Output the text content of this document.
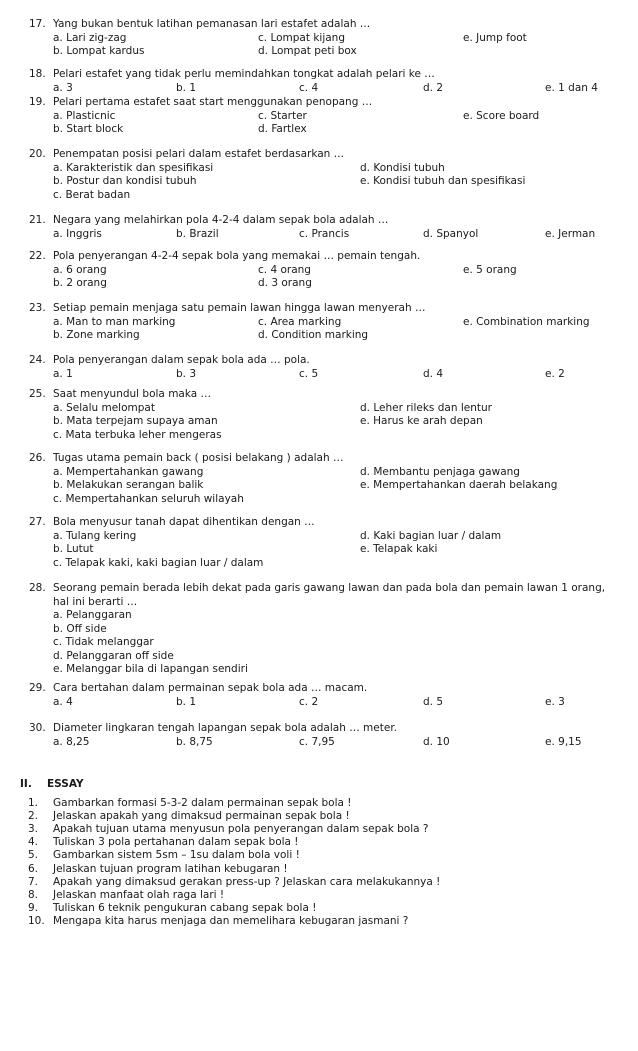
17. Yang bukan bentuk latihan pemanasan lari estafet adalah …
a. Lari zig-zag	c. Lompat kijang	e. Jump foot
b. Lompat kardus	d. Lompat peti box
18. Pelari estafet yang tidak perlu memindahkan tongkat adalah pelari ke …
a. 3	b. 1	c. 4	d. 2	e. 1 dan 4
19. Pelari pertama estafet saat start menggunakan penopang …
a. Plasticnic	c. Starter	e. Score board
b. Start block	d. Fartlex
20. Penempatan posisi pelari dalam estafet berdasarkan …
a. Karakteristik dan spesifikasi	d. Kondisi tubuh
b. Postur dan kondisi tubuh	e. Kondisi tubuh dan spesifikasi
c. Berat badan
21. Negara yang melahirkan pola 4-2-4 dalam sepak bola adalah …
a. Inggris	b. Brazil	c. Prancis	d. Spanyol	e. Jerman
22. Pola penyerangan 4-2-4 sepak bola yang memakai … pemain tengah.
a. 6 orang	c. 4 orang	e. 5 orang
b. 2 orang	d. 3 orang
23. Setiap pemain menjaga satu pemain lawan hingga lawan menyerah …
a. Man to man marking	c. Area marking	e. Combination marking
b. Zone marking	d. Condition marking
24. Pola penyerangan dalam sepak bola ada … pola.
a. 1	b. 3	c. 5	d. 4	e. 2
25. Saat menyundul bola maka …
a. Selalu melompat	d. Leher rileks dan lentur
b. Mata terpejam supaya aman	e. Harus ke arah depan
c. Mata terbuka leher mengeras
26. Tugas utama pemain back ( posisi belakang ) adalah …
a. Mempertahankan gawang	d. Membantu penjaga gawang
b. Melakukan serangan balik	e. Mempertahankan daerah belakang
c. Mempertahankan seluruh wilayah
27. Bola menyusur tanah dapat dihentikan dengan …
a. Tulang kering	d. Kaki bagian luar / dalam
b. Lutut	e. Telapak kaki
c. Telapak kaki, kaki bagian luar / dalam
28. Seorang pemain berada lebih dekat pada garis gawang lawan dan pada bola dan pemain lawan 1 orang,
hal ini berarti …
a. Pelanggaran
b. Off side
c. Tidak melanggar
d. Pelanggaran off side
e. Melanggar bila di lapangan sendiri
29. Cara bertahan dalam permainan sepak bola ada … macam.
a. 4	b. 1	c. 2	d. 5	e. 3
30. Diameter lingkaran tengah lapangan sepak bola adalah … meter.
a. 8,25	b. 8,75	c. 7,95	d. 10	e. 9,15
II. ESSAY
1. Gambarkan formasi 5-3-2 dalam permainan sepak bola !
2. Jelaskan apakah yang dimaksud permainan sepak bola !
3. Apakah tujuan utama menyusun pola penyerangan dalam sepak bola ?
4. Tuliskan 3 pola pertahanan dalam sepak bola !
5. Gambarkan sistem 5sm – 1su dalam bola voli !
6. Jelaskan tujuan program latihan kebugaran !
7. Apakah yang dimaksud gerakan press-up ? Jelaskan cara melakukannya !
8. Jelaskan manfaat olah raga lari !
9. Tuliskan 6 teknik pengukuran cabang sepak bola !
10. Mengapa kita harus menjaga dan memelihara kebugaran jasmani ?
